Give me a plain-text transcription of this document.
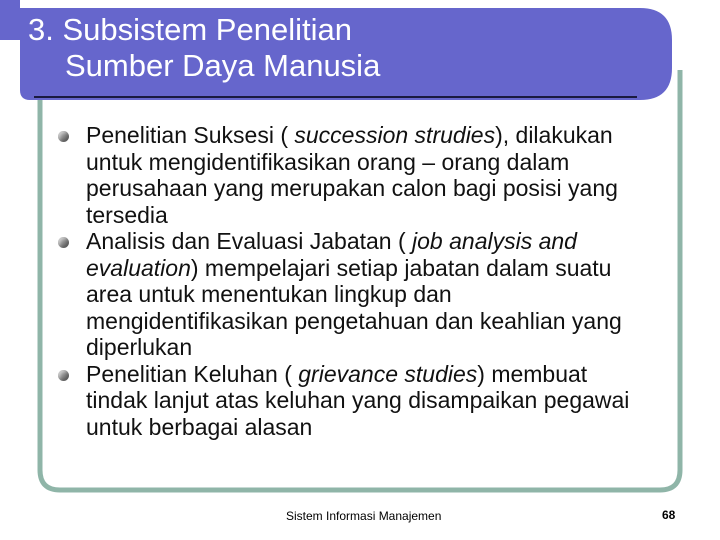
3. Subsistem Penelitian
Sumber Daya Manusia
Penelitian Suksesi ( succession strudies), dilakukan untuk mengidentifikasikan orang – orang dalam perusahaan yang merupakan calon bagi posisi yang tersedia
Analisis dan Evaluasi Jabatan ( job analysis and evaluation) mempelajari setiap jabatan dalam suatu area untuk menentukan lingkup dan mengidentifikasikan pengetahuan dan keahlian yang diperlukan
Penelitian Keluhan ( grievance studies) membuat tindak lanjut atas keluhan yang disampaikan pegawai untuk berbagai alasan
Sistem Informasi Manajemen	68
